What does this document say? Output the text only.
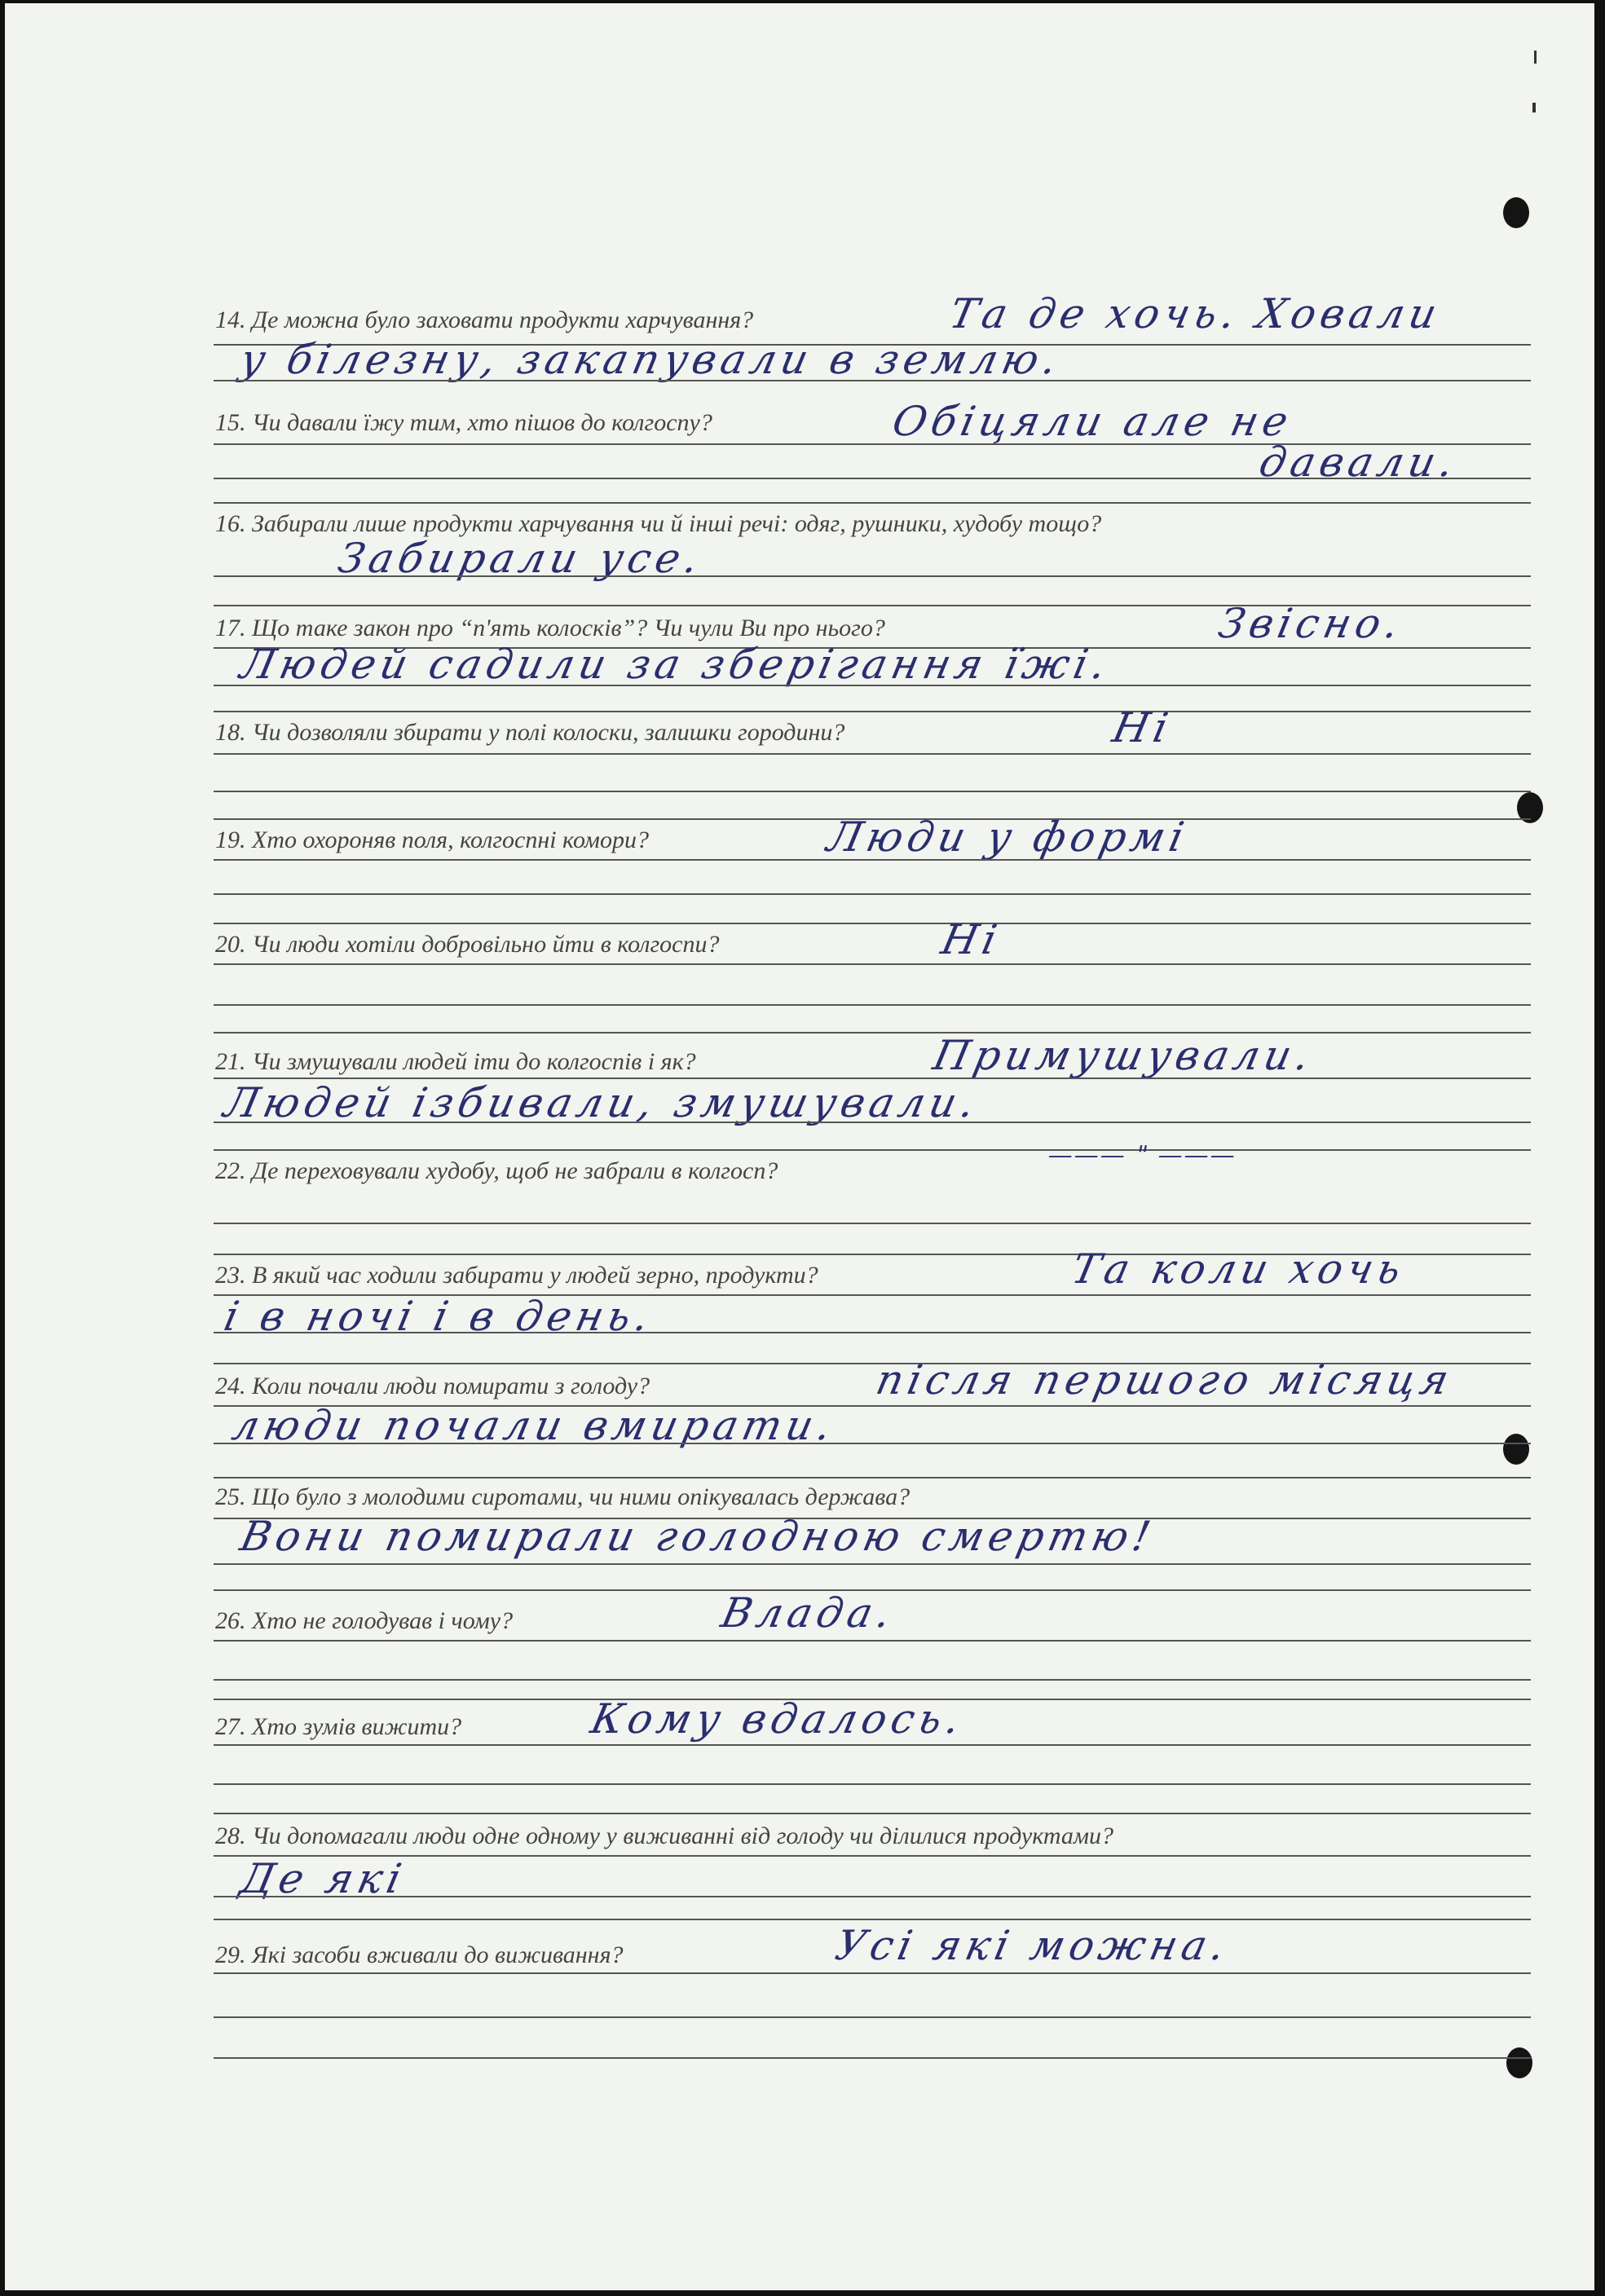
14. Де можна було заховати продукти харчування?	Та де хочь. Ховали
у білезну, закапували в землю.
15. Чи давали їжу тим, хто пішов до колгоспу?	Обіцяли але не
давали.
16. Забирали лише продукти харчування чи й інші речі: одяг, рушники, худобу тощо?
Забирали усе.
17. Що таке закон про “п'ять колосків”? Чи чули Ви про нього?	Звісно.
Людей садили за зберігання їжі.
18. Чи дозволяли збирати у полі колоски, залишки городини?	Ні
19. Хто охороняв поля, колгоспні комори?	Люди у формі
20. Чи люди хотіли добровільно йти в колгоспи?	Ні
21. Чи змушували людей іти до колгоспів і як?	Примушували.
Людей ізбивали, змушували.
22. Де переховували худобу, щоб не забрали в колгосп?
——— " ———
23. В який час ходили забирати у людей зерно, продукти?	Та коли хочь
і в ночі і в день.
24. Коли почали люди помирати з голоду?	після першого місяця
люди почали вмирати.
25. Що було з молодими сиротами, чи ними опікувалась держава?
Вони помирали голодною смертю!
26. Хто не голодував і чому?	Влада.
27. Хто зумів вижити?	Кому вдалось.
28. Чи допомагали люди одне одному у виживанні від голоду чи ділилися продуктами?
Де які
29. Які засоби вживали до виживання?	Усі які можна.
